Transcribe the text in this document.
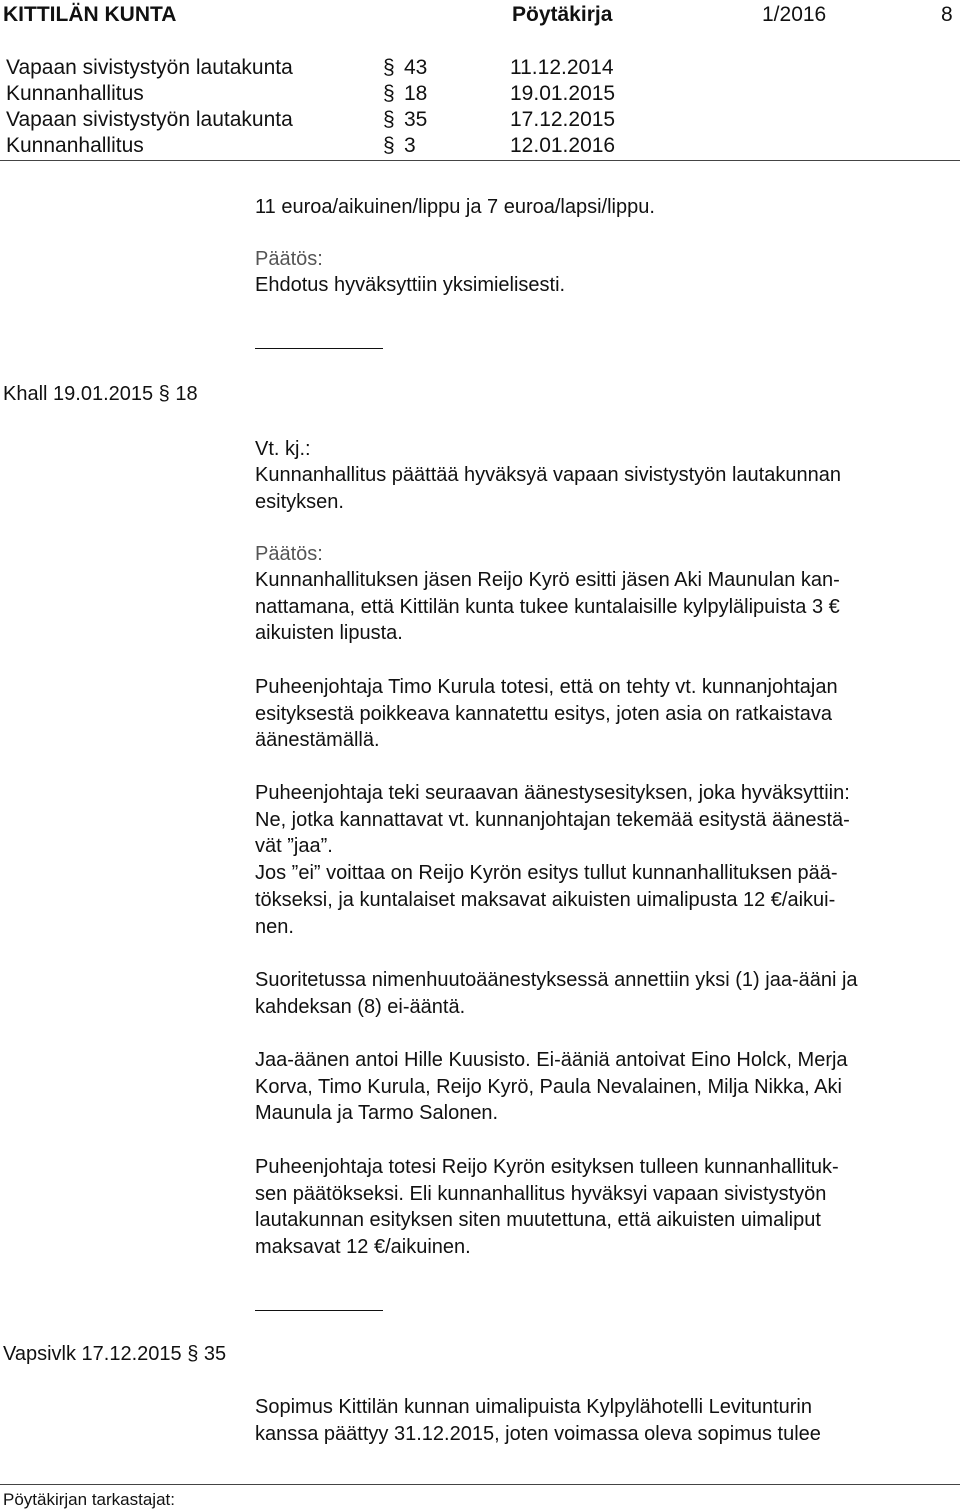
KITTILÄN KUNTA	Pöytäkirja	1/2016	8
Vapaan sivistystyön lautakunta	§ 43	11.12.2014
Kunnanhallitus	§ 18	19.01.2015
Vapaan sivistystyön lautakunta	§ 35	17.12.2015
Kunnanhallitus	§ 3	12.01.2016
11 euroa/aikuinen/lippu ja 7 euroa/lapsi/lippu.
Päätös:
Ehdotus hyväksyttiin yksimielisesti.
Khall 19.01.2015 § 18
Vt. kj.:
Kunnanhallitus päättää hyväksyä vapaan sivistystyön lautakunnan
esityksen.
Päätös:
Kunnanhallituksen jäsen Reijo Kyrö esitti jäsen Aki Maunulan kan-
nattamana, että Kittilän kunta tukee kuntalaisille kylpylälipuista 3 €
aikuisten lipusta.
Puheenjohtaja Timo Kurula totesi, että on tehty vt. kunnanjohtajan
esityksestä poikkeava kannatettu esitys, joten asia on ratkaistava
äänestämällä.
Puheenjohtaja teki seuraavan äänestysesityksen, joka hyväksyttiin:
Ne, jotka kannattavat vt. kunnanjohtajan tekemää esitystä äänestä-
vät ”jaa”.
Jos ”ei” voittaa on Reijo Kyrön esitys tullut kunnanhallituksen pää-
tökseksi, ja kuntalaiset maksavat aikuisten uimalipusta 12 €/aikui-
nen.
Suoritetussa nimenhuutoäänestyksessä annettiin yksi (1) jaa-ääni ja
kahdeksan (8) ei-ääntä.
Jaa-äänen antoi Hille Kuusisto. Ei-ääniä antoivat Eino Holck, Merja
Korva, Timo Kurula, Reijo Kyrö, Paula Nevalainen, Milja Nikka, Aki
Maunula ja Tarmo Salonen.
Puheenjohtaja totesi Reijo Kyrön esityksen tulleen kunnanhallituk-
sen päätökseksi. Eli kunnanhallitus hyväksyi vapaan sivistystyön
lautakunnan esityksen siten muutettuna, että aikuisten uimaliput
maksavat 12 €/aikuinen.
Vapsivlk 17.12.2015 § 35
Sopimus Kittilän kunnan uimalipuista Kylpylähotelli Levitunturin
kanssa päättyy 31.12.2015, joten voimassa oleva sopimus tulee
Pöytäkirjan tarkastajat:
